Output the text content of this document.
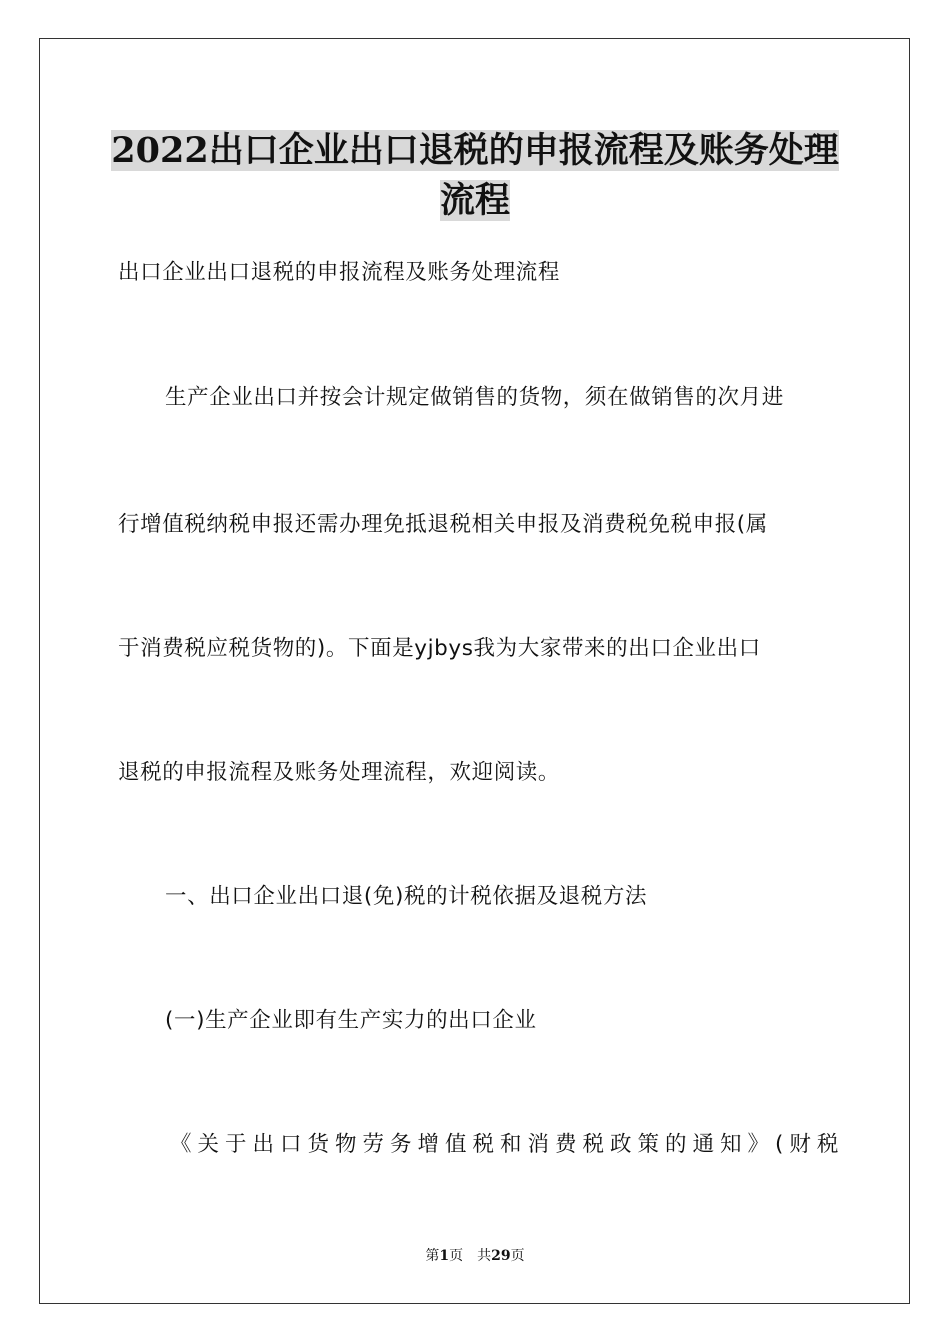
2022出口企业出口退税的申报流程及账务处理
流程
出口企业出口退税的申报流程及账务处理流程
生产企业出口并按会计规定做销售的货物，须在做销售的次月进
行增值税纳税申报还需办理免抵退税相关申报及消费税免税申报(属
于消费税应税货物的)。下面是yjbys我为大家带来的出口企业出口
退税的申报流程及账务处理流程，欢迎阅读。
一、出口企业出口退(免)税的计税依据及退税方法
(一)生产企业即有生产实力的出口企业
《关于出口货物劳务增值税和消费税政策的通知》(财税
第1页 共29页
